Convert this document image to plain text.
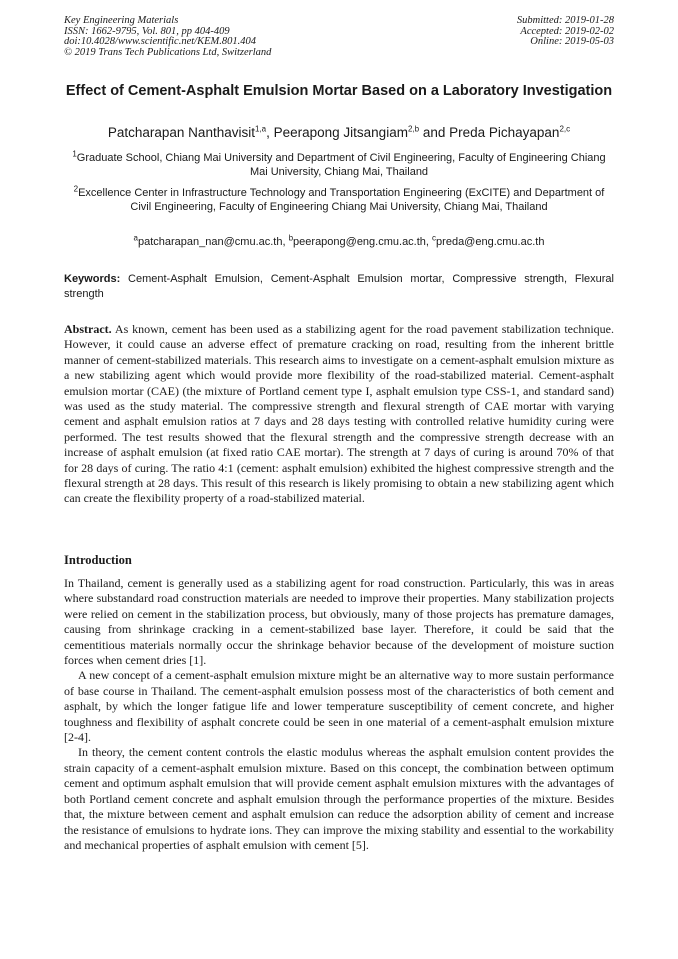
Key Engineering Materials
ISSN: 1662-9795, Vol. 801, pp 404-409
doi:10.4028/www.scientific.net/KEM.801.404
© 2019 Trans Tech Publications Ltd, Switzerland
Submitted: 2019-01-28
Accepted: 2019-02-02
Online: 2019-05-03
Effect of Cement-Asphalt Emulsion Mortar Based on a Laboratory Investigation
Patcharapan Nanthavisit$^{1,a}$, Peerapong Jitsangiam$^{2,b}$ and Preda Pichayapan$^{2,c}$
$^1$Graduate School, Chiang Mai University and Department of Civil Engineering, Faculty of Engineering Chiang Mai University, Chiang Mai, Thailand
$^2$Excellence Center in Infrastructure Technology and Transportation Engineering (ExCITE) and Department of Civil Engineering, Faculty of Engineering Chiang Mai University, Chiang Mai, Thailand
$^a$patcharapan_nan@cmu.ac.th, $^b$peerapong@eng.cmu.ac.th, $^c$preda@eng.cmu.ac.th
Keywords: Cement-Asphalt Emulsion, Cement-Asphalt Emulsion mortar, Compressive strength, Flexural strength
Abstract. As known, cement has been used as a stabilizing agent for the road pavement stabilization technique. However, it could cause an adverse effect of premature cracking on road, resulting from the inherent brittle manner of cement-stabilized materials. This research aims to investigate on a cement-asphalt emulsion mixture as a new stabilizing agent which would provide more flexibility of the road-stabilized material. Cement-asphalt emulsion mortar (CAE) (the mixture of Portland cement type I, asphalt emulsion type CSS-1, and standard sand) was used as the study material. The compressive strength and flexural strength of CAE mortar with varying cement and asphalt emulsion ratios at 7 days and 28 days testing with controlled relative humidity curing were performed. The test results showed that the flexural strength and the compressive strength decrease with an increase of asphalt emulsion (at fixed ratio CAE mortar). The strength at 7 days of curing is around 70% of that for 28 days of curing. The ratio 4:1 (cement: asphalt emulsion) exhibited the highest compressive strength and the flexural strength at 28 days. This result of this research is likely promising to obtain a new stabilizing agent which can create the flexibility property of a road-stabilized material.
Introduction

In Thailand, cement is generally used as a stabilizing agent for road construction. Particularly, this was in areas where substandard road construction materials are needed to improve their properties. Many stabilization projects were relied on cement in the stabilization process, but obviously, many of those projects has premature damages, causing from shrinkage cracking in a cement-stabilized base layer. Therefore, it could be said that the cementitious materials normally occur the shrinkage behavior because of the development of moisture suction forces when cement dries [1].

A new concept of a cement-asphalt emulsion mixture might be an alternative way to more sustain performance of base course in Thailand. The cement-asphalt emulsion possess most of the characteristics of both cement and asphalt, by which the longer fatigue life and lower temperature susceptibility of cement concrete, and higher toughness and flexibility of asphalt concrete could be seen in one material of a cement-asphalt emulsion mixture [2-4].

In theory, the cement content controls the elastic modulus whereas the asphalt emulsion content provides the strain capacity of a cement-asphalt emulsion mixture. Based on this concept, the combination between optimum cement and optimum asphalt emulsion that will provide cement asphalt emulsion mixtures with the advantages of both Portland cement concrete and asphalt emulsion through the performance properties of the mixture. Besides that, the mixture between cement and asphalt emulsion can reduce the adsorption ability of cement and increase the resistance of emulsions to hydrate ions. They can improve the mixing stability and essential to the workability and mechanical properties of asphalt emulsion with cement [5].
